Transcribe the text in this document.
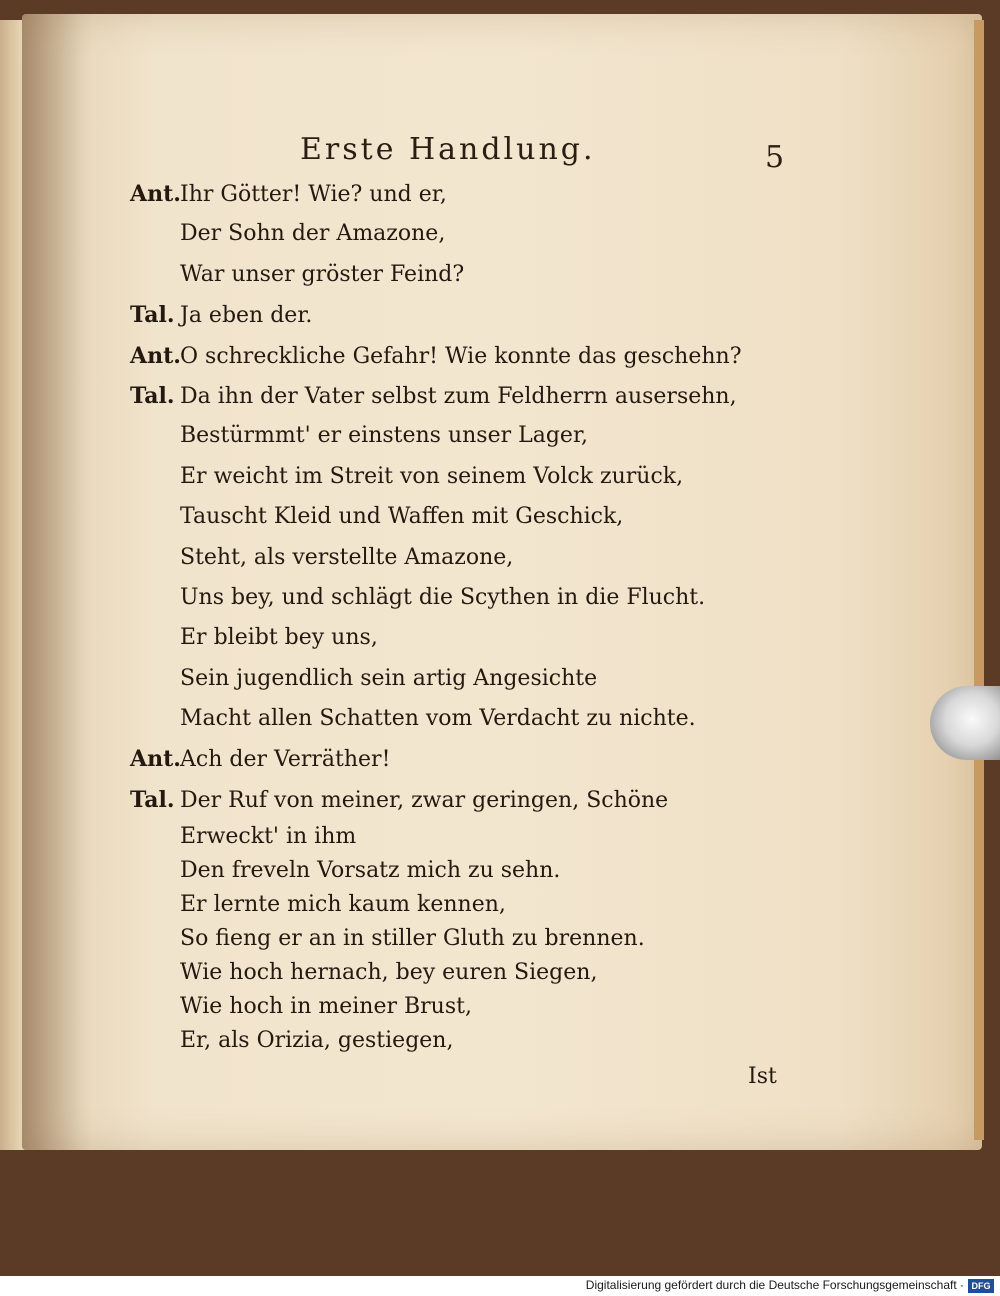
Erste Handlung.	5
Ant.Ihr Götter! Wie? und er,
Der Sohn der Amazone,
War unser gröster Feind?
Tal. Ja eben der.
Ant.O schreckliche Gefahr! Wie konnte das geschehn?
Tal. Da ihn der Vater selbst zum Feldherrn ausersehn,
Bestürmmt' er einstens unser Lager,
Er weicht im Streit von seinem Volck zurück,
Tauscht Kleid und Waffen mit Geschick,
Steht, als verstellte Amazone,
Uns bey, und schlägt die Scythen in die Flucht.
Er bleibt bey uns,
Sein jugendlich sein artig Angesichte
Macht allen Schatten vom Verdacht zu nichte.
Ant.Ach der Verräther!
Tal. Der Ruf von meiner, zwar geringen, Schöne
Erweckt' in ihm
Den freveln Vorsatz mich zu sehn.
Er lernte mich kaum kennen,
So fieng er an in stiller Gluth zu brennen.
Wie hoch hernach, bey euren Siegen,
Wie hoch in meiner Brust,
Er, als Orizia, gestiegen,
Ist
Digitalisierung gefördert durch die Deutsche Forschungsgemeinschaft · DFG
